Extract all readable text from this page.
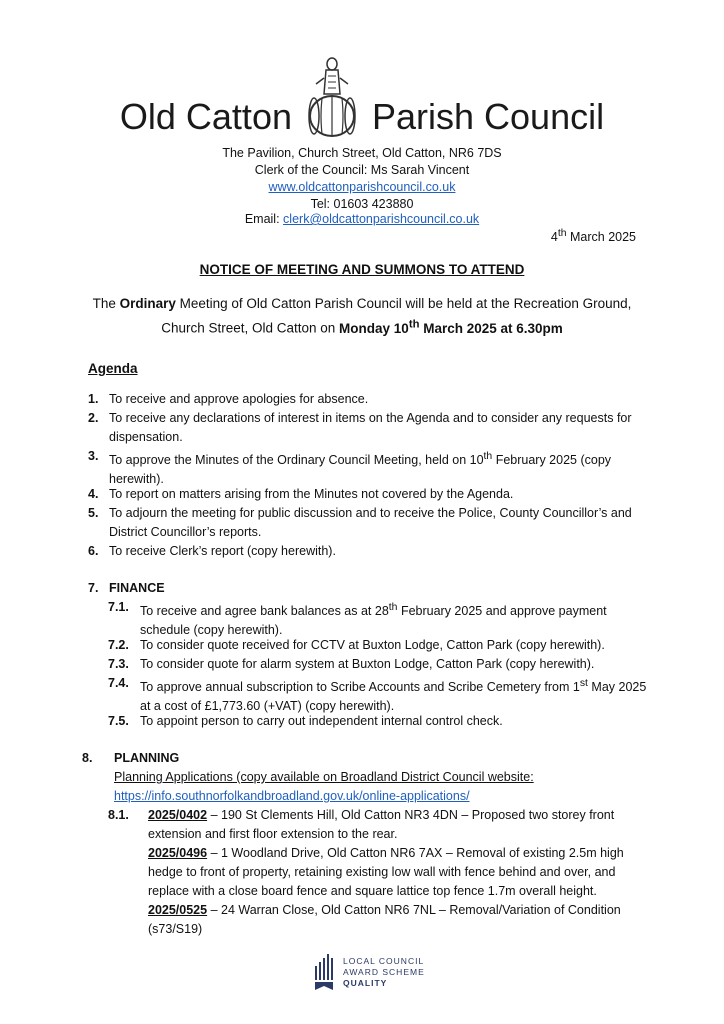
Old Catton Parish Council
The Pavilion, Church Street, Old Catton, NR6 7DS
Clerk of the Council: Ms Sarah Vincent
www.oldcattonparishcouncil.co.uk
Tel: 01603 423880
Email: clerk@oldcattonparishcouncil.co.uk
4th March 2025
NOTICE OF MEETING AND SUMMONS TO ATTEND
The Ordinary Meeting of Old Catton Parish Council will be held at the Recreation Ground, Church Street, Old Catton on Monday 10th March 2025 at 6.30pm
Agenda
1. To receive and approve apologies for absence.
2. To receive any declarations of interest in items on the Agenda and to consider any requests for dispensation.
3. To approve the Minutes of the Ordinary Council Meeting, held on 10th February 2025 (copy herewith).
4. To report on matters arising from the Minutes not covered by the Agenda.
5. To adjourn the meeting for public discussion and to receive the Police, County Councillor’s and District Councillor’s reports.
6. To receive Clerk’s report (copy herewith).
7. FINANCE
7.1. To receive and agree bank balances as at 28th February 2025 and approve payment schedule (copy herewith).
7.2. To consider quote received for CCTV at Buxton Lodge, Catton Park (copy herewith).
7.3. To consider quote for alarm system at Buxton Lodge, Catton Park (copy herewith).
7.4. To approve annual subscription to Scribe Accounts and Scribe Cemetery from 1st May 2025 at a cost of £1,773.60 (+VAT) (copy herewith).
7.5. To appoint person to carry out independent internal control check.
8. PLANNING
Planning Applications (copy available on Broadland District Council website:
https://info.southnorfolkandbroadland.gov.uk/online-applications/
8.1.	2025/0402 – 190 St Clements Hill, Old Catton NR3 4DN – Proposed two storey front extension and first floor extension to the rear.
2025/0496 – 1 Woodland Drive, Old Catton NR6 7AX – Removal of existing 2.5m high hedge to front of property, retaining existing low wall with fence behind and over, and replace with a close board fence and square lattice top fence 1.7m overall height.
2025/0525 – 24 Warran Close, Old Catton NR6 7NL – Removal/Variation of Condition (s73/S19)
LOCAL COUNCIL
AWARD SCHEME
QUALITY
